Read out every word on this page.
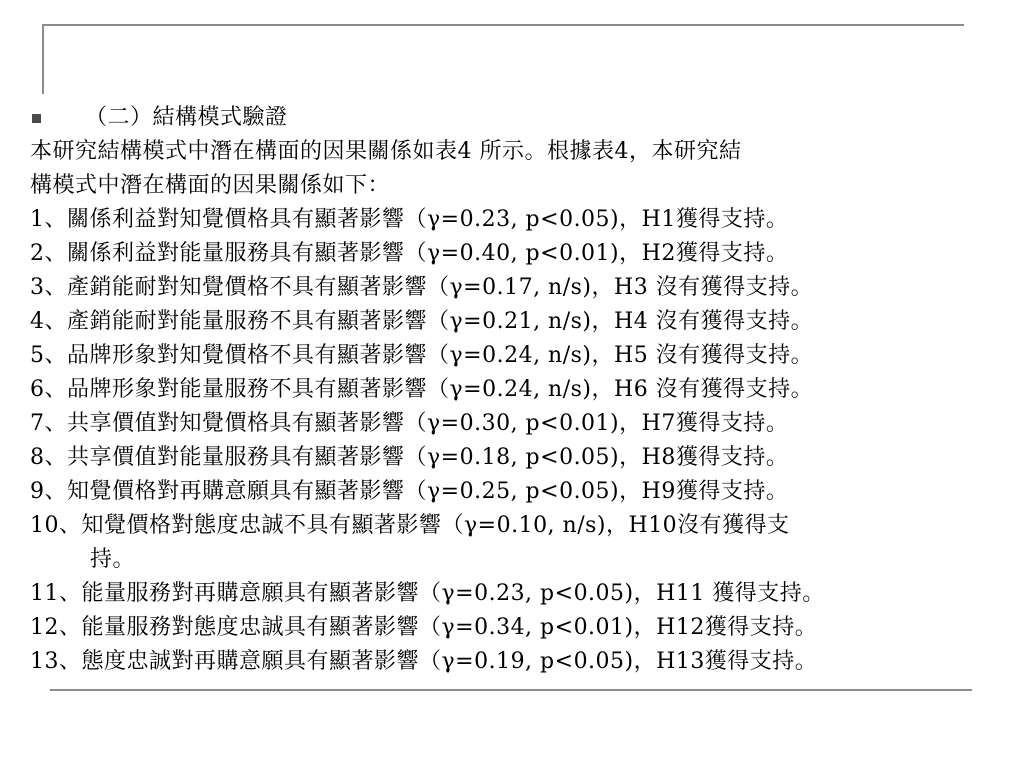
（二）結構模式驗證
本研究結構模式中潛在構面的因果關係如表4 所示。根據表4，本研究結
構模式中潛在構面的因果關係如下：
1、關係利益對知覺價格具有顯著影響（γ=0.23, p<0.05)，H1獲得支持。
2、關係利益對能量服務具有顯著影響（γ=0.40, p<0.01)，H2獲得支持。
3、產銷能耐對知覺價格不具有顯著影響（γ=0.17, n/s)，H3 沒有獲得支持。
4、產銷能耐對能量服務不具有顯著影響（γ=0.21, n/s)，H4 沒有獲得支持。
5、品牌形象對知覺價格不具有顯著影響（γ=0.24, n/s)，H5 沒有獲得支持。
6、品牌形象對能量服務不具有顯著影響（γ=0.24, n/s)，H6 沒有獲得支持。
7、共享價值對知覺價格具有顯著影響（γ=0.30, p<0.01)，H7獲得支持。
8、共享價值對能量服務具有顯著影響（γ=0.18, p<0.05)，H8獲得支持。
9、知覺價格對再購意願具有顯著影響（γ=0.25, p<0.05)，H9獲得支持。
10、知覺價格對態度忠誠不具有顯著影響（γ=0.10, n/s)，H10沒有獲得支
持。
11、能量服務對再購意願具有顯著影響（γ=0.23, p<0.05)，H11 獲得支持。
12、能量服務對態度忠誠具有顯著影響（γ=0.34, p<0.01)，H12獲得支持。
13、態度忠誠對再購意願具有顯著影響（γ=0.19, p<0.05)，H13獲得支持。
